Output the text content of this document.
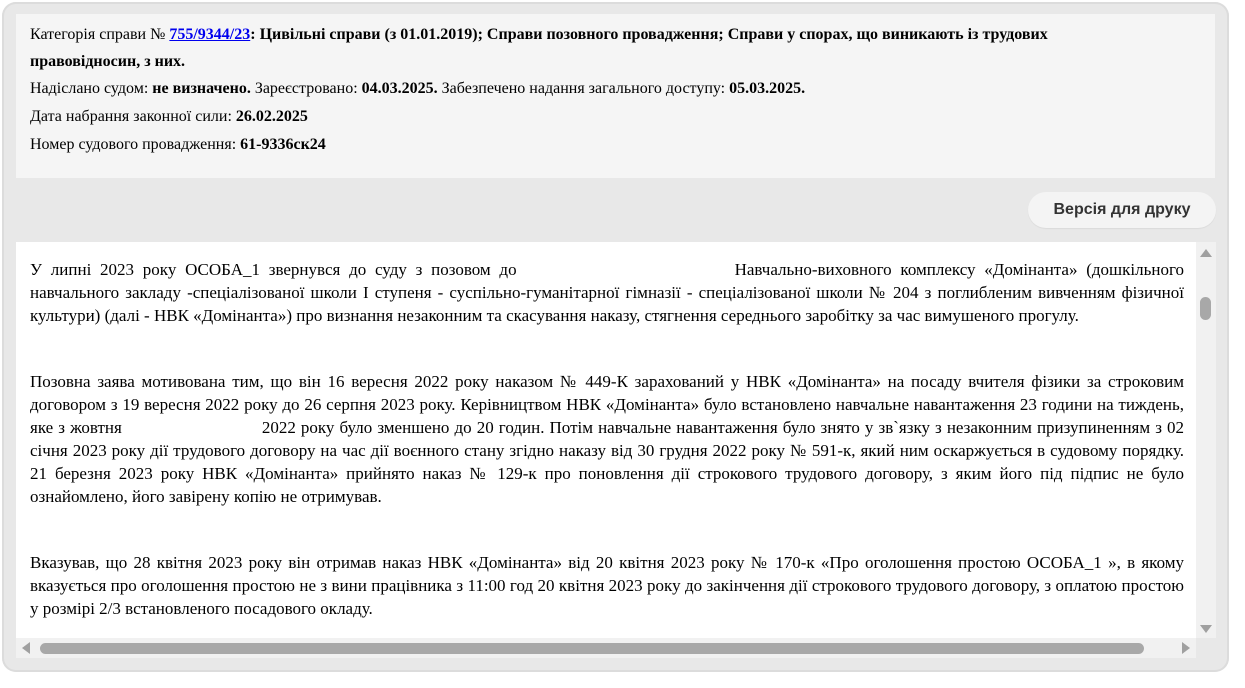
Категорія справи № 755/9344/23: Цивільні справи (з 01.01.2019); Справи позовного провадження; Справи у спорах, що виникають із трудових
правовідносин, з них.
Надіслано судом: не визначено. Зареєстровано: 04.03.2025. Забезпечено надання загального доступу: 05.03.2025.
Дата набрання законної сили: 26.02.2025
Номер судового провадження: 61-9336ск24
Версія для друку

У липні 2023 року ОСОБА_1 звернувся до суду з позовом до	Навчально-виховного комплексу «Домінанта» (дошкільного навчального закладу -спеціалізованої школи І ступеня - суспільно-гуманітарної гімназії - спеціалізованої школи № 204 з поглибленим вивченням фізичної культури) (далі - НВК «Домінанта») про визнання незаконним та скасування наказу, стягнення середнього заробітку за час вимушеного прогулу.

Позовна заява мотивована тим, що він 16 вересня 2022 року наказом № 449-К зарахований у НВК «Домінанта» на посаду вчителя фізики за строковим договором з 19 вересня 2022 року до 26 серпня 2023 року. Керівництвом НВК «Домінанта» було встановлено навчальне навантаження 23 години на тиждень, яке з жовтня	2022 року було зменшено до 20 годин. Потім навчальне навантаження було знято у зв`язку з незаконним призупиненням з 02 січня 2023 року дії трудового договору на час дії воєнного стану згідно наказу від 30 грудня 2022 року № 591-к, який ним оскаржується в судовому порядку. 21 березня 2023 року НВК «Домінанта» прийнято наказ № 129-к про поновлення дії строкового трудового договору, з яким його під підпис не було ознайомлено, його завірену копію не отримував.

Вказував, що 28 квітня 2023 року він отримав наказ НВК «Домінанта» від 20 квітня 2023 року № 170-к «Про оголошення простою ОСОБА_1 », в якому вказується про оголошення простою не з вини працівника з 11:00 год 20 квітня 2023 року до закінчення дії строкового трудового договору, з оплатою простою у розмірі 2/3 встановленого посадового окладу.
